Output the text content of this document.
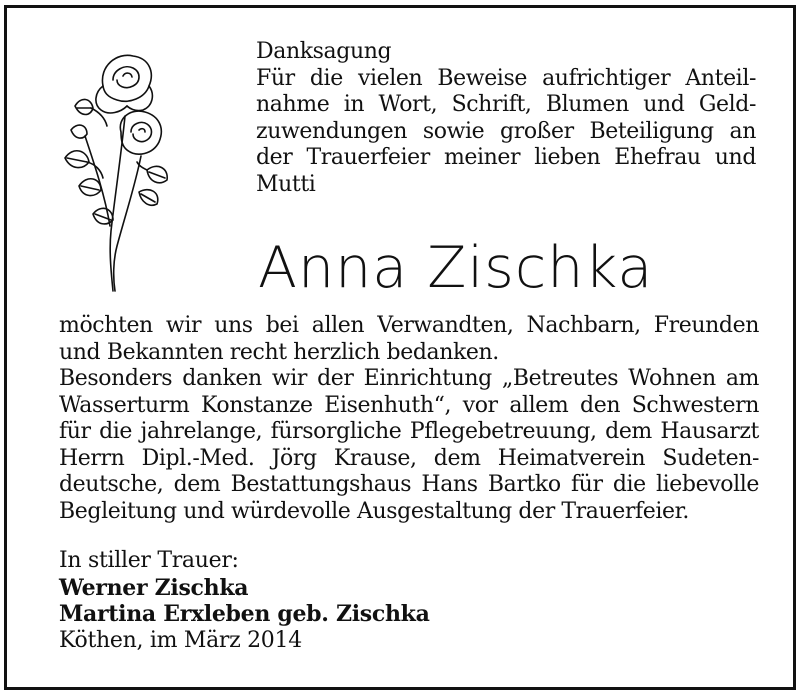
Danksagung
Für die vielen Beweise aufrichtiger Anteil-
nahme in Wort, Schrift, Blumen und Geld-
zuwendungen sowie großer Beteiligung an
der Trauerfeier meiner lieben Ehefrau und
Mutti
Anna Zischka
möchten wir uns bei allen Verwandten, Nachbarn, Freunden
und Bekannten recht herzlich bedanken.
Besonders danken wir der Einrichtung „Betreutes Wohnen am
Wasserturm Konstanze Eisenhuth“, vor allem den Schwestern
für die jahrelange, fürsorgliche Pflegebetreuung, dem Hausarzt
Herrn Dipl.-Med. Jörg Krause, dem Heimatverein Sudeten-
deutsche, dem Bestattungshaus Hans Bartko für die liebevolle
Begleitung und würdevolle Ausgestaltung der Trauerfeier.
In stiller Trauer:
Werner Zischka
Martina Erxleben geb. Zischka
Köthen, im März 2014
